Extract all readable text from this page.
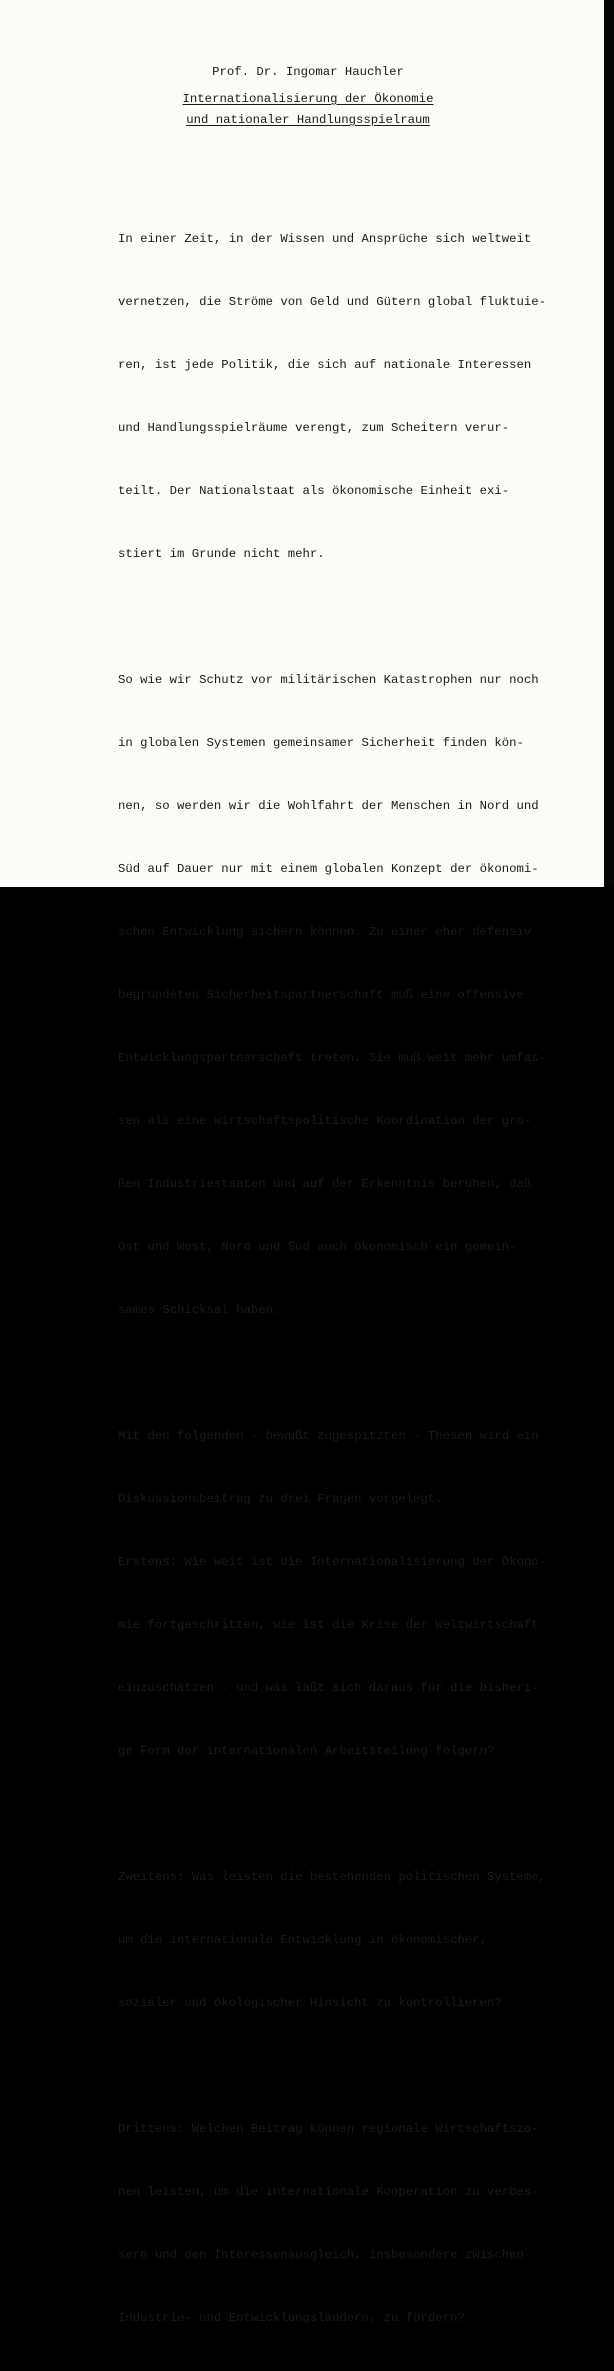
Prof. Dr. Ingomar Hauchler
Internationalisierung der Ökonomie
und nationaler Handlungsspielraum

In einer Zeit, in der Wissen und Ansprüche sich weltweit

vernetzen, die Ströme von Geld und Gütern global fluktuie-

ren, ist jede Politik, die sich auf nationale Interessen

und Handlungsspielräume verengt, zum Scheitern verur-

teilt. Der Nationalstaat als ökonomische Einheit exi-

stiert im Grunde nicht mehr.

So wie wir Schutz vor militärischen Katastrophen nur noch

in globalen Systemen gemeinsamer Sicherheit finden kön-

nen, so werden wir die Wohlfahrt der Menschen in Nord und

Süd auf Dauer nur mit einem globalen Konzept der ökonomi-

schen Entwicklung sichern können. Zu einer eher defensiv

begründeten Sicherheitspartnerschaft muß eine offensive

Entwicklungspartnerschaft treten. Sie muß weit mehr umfas-

sen als eine wirtschaftspolitische Koordination der gro-

ßen Industriestaaten und auf der Erkenntnis beruhen, daß

Ost und West, Nord und Süd auch ökonomisch ein gemein-

sames Schicksal haben.

Mit den folgenden - bewußt zugespitzten - Thesen wird ein

Diskussionsbeitrag zu drei Fragen vorgelegt.

Erstens: Wie weit ist die Internationalisierung der Ökono-

mie fortgeschritten, wie ist die Krise der Weltwirtschaft

einzuschätzen - und was läßt sich daraus für die bisheri-

ge Form der internationalen Arbeitsteilung folgern?

Zweitens: Was leisten die bestehenden politischen Systeme,

um die internationale Entwicklung in ökonomischer,

sozialer und ökologischer Hinsicht zu kontrollieren?

Drittens: Welchen Beitrag können regionale Wirtschaftszo-

nen leisten, um die internationale Kooperation zu verbes-

sern und den Interessenausgleich, insbesondere zwischen

Industrie- und Entwicklungsländern, zu fördern?
